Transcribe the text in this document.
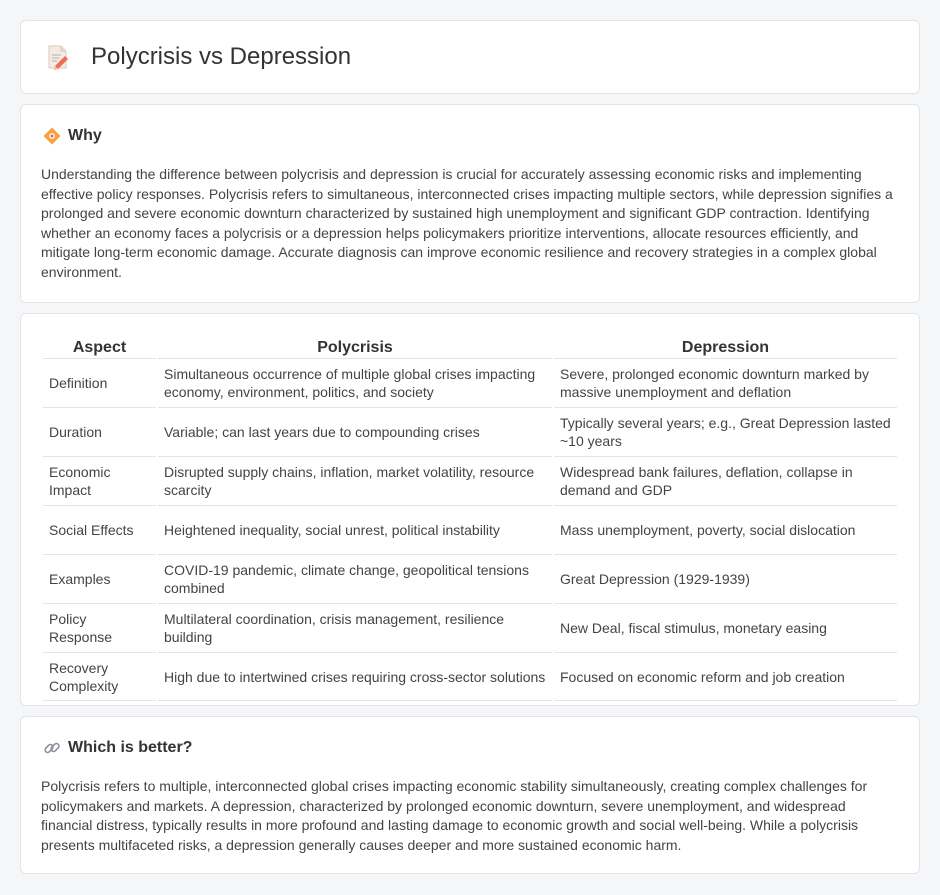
Polycrisis vs Depression
Why

Understanding the difference between polycrisis and depression is crucial for accurately assessing economic risks and implementing effective policy responses. Polycrisis refers to simultaneous, interconnected crises impacting multiple sectors, while depression signifies a prolonged and severe economic downturn characterized by sustained high unemployment and significant GDP contraction. Identifying whether an economy faces a polycrisis or a depression helps policymakers prioritize interventions, allocate resources efficiently, and mitigate long-term economic damage. Accurate diagnosis can improve economic resilience and recovery strategies in a complex global environment.

Aspect	Polycrisis	Depression
Definition	Simultaneous occurrence of multiple global crises impacting economy, environment, politics, and society	Severe, prolonged economic downturn marked by massive unemployment and deflation
Duration	Variable; can last years due to compounding crises	Typically several years; e.g., Great Depression lasted ~10 years
Economic Impact	Disrupted supply chains, inflation, market volatility, resource scarcity	Widespread bank failures, deflation, collapse in demand and GDP
Social Effects	Heightened inequality, social unrest, political instability	Mass unemployment, poverty, social dislocation
Examples	COVID-19 pandemic, climate change, geopolitical tensions combined	Great Depression (1929-1939)
Policy Response	Multilateral coordination, crisis management, resilience building	New Deal, fiscal stimulus, monetary easing
Recovery Complexity	High due to intertwined crises requiring cross-sector solutions	Focused on economic reform and job creation
Which is better?

Polycrisis refers to multiple, interconnected global crises impacting economic stability simultaneously, creating complex challenges for policymakers and markets. A depression, characterized by prolonged economic downturn, severe unemployment, and widespread financial distress, typically results in more profound and lasting damage to economic growth and social well-being. While a polycrisis presents multifaceted risks, a depression generally causes deeper and more sustained economic harm.
